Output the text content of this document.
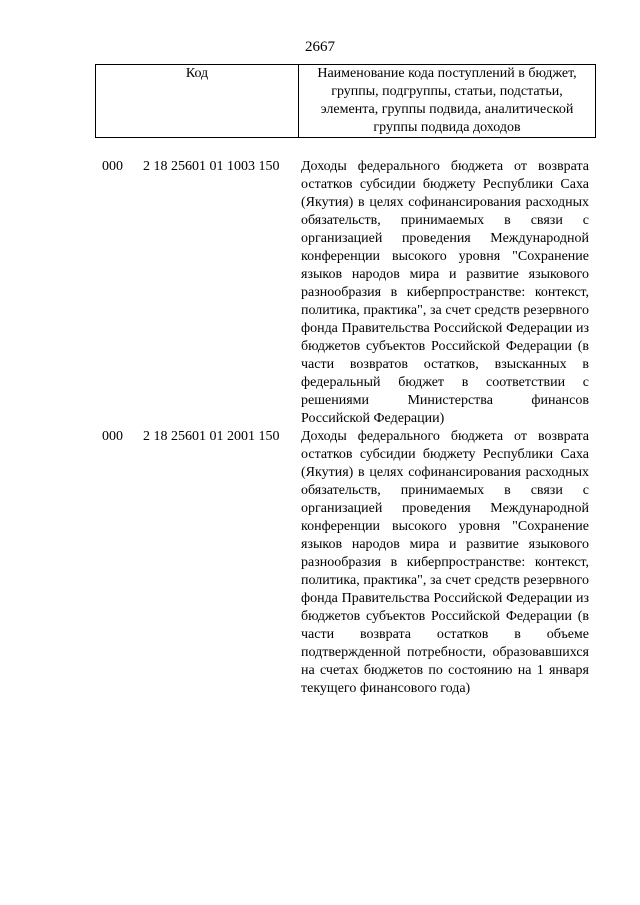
2667
Код	Наименование кода поступлений в бюджет, группы, подгруппы, статьи, подстатьи, элемента, группы подвида, аналитической группы подвида доходов
000 2 18 25601 01 1003 150 Доходы федерального бюджета от возврата остатков субсидии бюджету Республики Саха (Якутия) в целях софинансирования расходных обязательств, принимаемых в связи с организацией проведения Международной конференции высокого уровня "Сохранение языков народов мира и развитие языкового разнообразия в киберпространстве: контекст, политика, практика", за счет средств резервного фонда Правительства Российской Федерации из бюджетов субъектов Российской Федерации (в части возвратов остатков, взысканных в федеральный бюджет в соответствии с решениями Министерства финансов Российской Федерации)
000 2 18 25601 01 2001 150 Доходы федерального бюджета от возврата остатков субсидии бюджету Республики Саха (Якутия) в целях софинансирования расходных обязательств, принимаемых в связи с организацией проведения Международной конференции высокого уровня "Сохранение языков народов мира и развитие языкового разнообразия в киберпространстве: контекст, политика, практика", за счет средств резервного фонда Правительства Российской Федерации из бюджетов субъектов Российской Федерации (в части возврата остатков в объеме подтвержденной потребности, образовавшихся на счетах бюджетов по состоянию на 1 января текущего финансового года)
